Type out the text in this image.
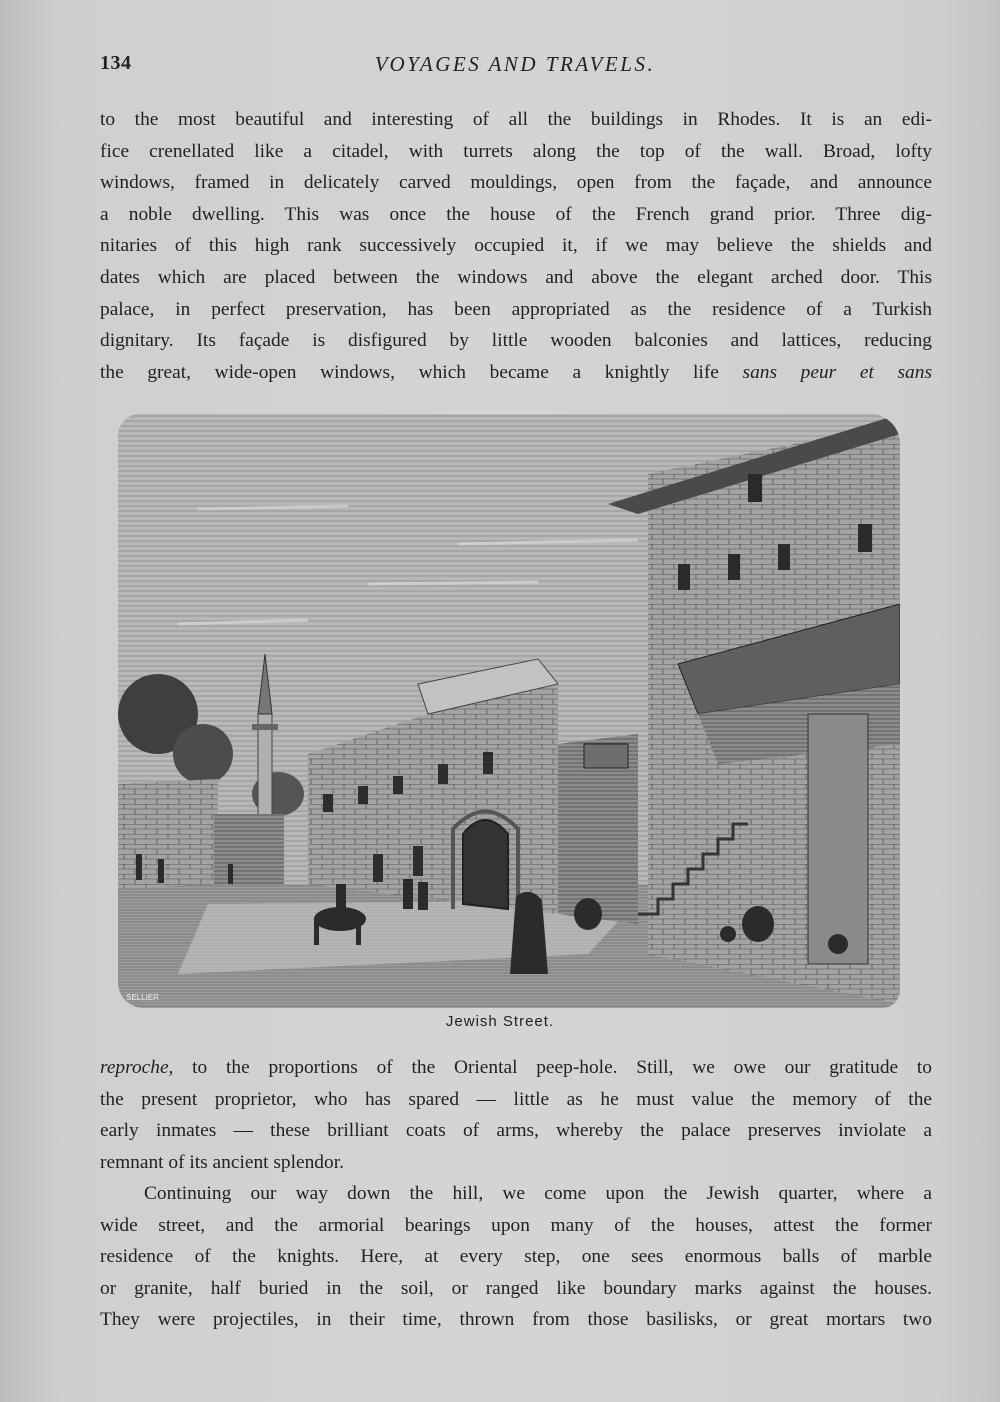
134	VOYAGES AND TRAVELS.
to the most beautiful and interesting of all the buildings in Rhodes. It is an edi-
fice crenellated like a citadel, with turrets along the top of the wall. Broad, lofty
windows, framed in delicately carved mouldings, open from the façade, and announce
a noble dwelling. This was once the house of the French grand prior. Three dig-
nitaries of this high rank successively occupied it, if we may believe the shields and
dates which are placed between the windows and above the elegant arched door. This
palace, in perfect preservation, has been appropriated as the residence of a Turkish
dignitary. Its façade is disfigured by little wooden balconies and lattices, reducing
the great, wide-open windows, which became a knightly life sans peur et sans
SELLIER
Jewish Street.
reproche, to the proportions of the Oriental peep-hole. Still, we owe our gratitude to
the present proprietor, who has spared — little as he must value the memory of the
early inmates — these brilliant coats of arms, whereby the palace preserves inviolate a
remnant of its ancient splendor.
Continuing our way down the hill, we come upon the Jewish quarter, where a
wide street, and the armorial bearings upon many of the houses, attest the former
residence of the knights. Here, at every step, one sees enormous balls of marble
or granite, half buried in the soil, or ranged like boundary marks against the houses.
They were projectiles, in their time, thrown from those basilisks, or great mortars two
